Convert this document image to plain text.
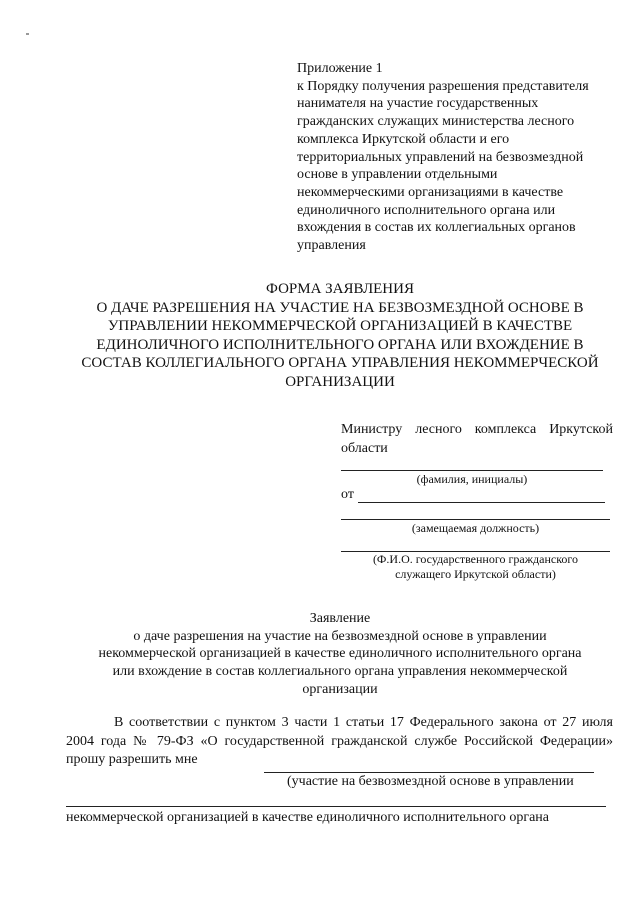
Приложение 1

к Порядку получения разрешения представителя

нанимателя на участие государственных

гражданских служащих министерства лесного

комплекса Иркутской области и его

территориальных управлений на безвозмездной

основе в управлении отдельными

некоммерческими организациями в качестве

единоличного исполнительного органа или

вхождения в состав их коллегиальных органов

управления

ФОРМА ЗАЯВЛЕНИЯ

О ДАЧЕ РАЗРЕШЕНИЯ НА УЧАСТИЕ НА БЕЗВОЗМЕЗДНОЙ ОСНОВЕ В

УПРАВЛЕНИИ НЕКОММЕРЧЕСКОЙ ОРГАНИЗАЦИЕЙ В КАЧЕСТВЕ

ЕДИНОЛИЧНОГО ИСПОЛНИТЕЛЬНОГО ОРГАНА ИЛИ ВХОЖДЕНИЕ В

СОСТАВ КОЛЛЕГИАЛЬНОГО ОРГАНА УПРАВЛЕНИЯ НЕКОММЕРЧЕСКОЙ

ОРГАНИЗАЦИИ

Министру лесного комплекса Иркутской области
(фамилия, инициалы)
от
(замещаемая должность)
(Ф.И.О. государственного гражданского
служащего Иркутской области)

Заявление

о даче разрешения на участие на безвозмездной основе в управлении

некоммерческой организацией в качестве единоличного исполнительного органа

или вхождение в состав коллегиального органа управления некоммерческой

организации

В соответствии с пунктом 3 части 1 статьи 17 Федерального закона от 27 июля 2004 года № 79-ФЗ «О государственной гражданской службе Российской Федерации» прошу разрешить мне

(участие на безвозмездной основе в управлении
некоммерческой организацией в качестве единоличного исполнительного органа
